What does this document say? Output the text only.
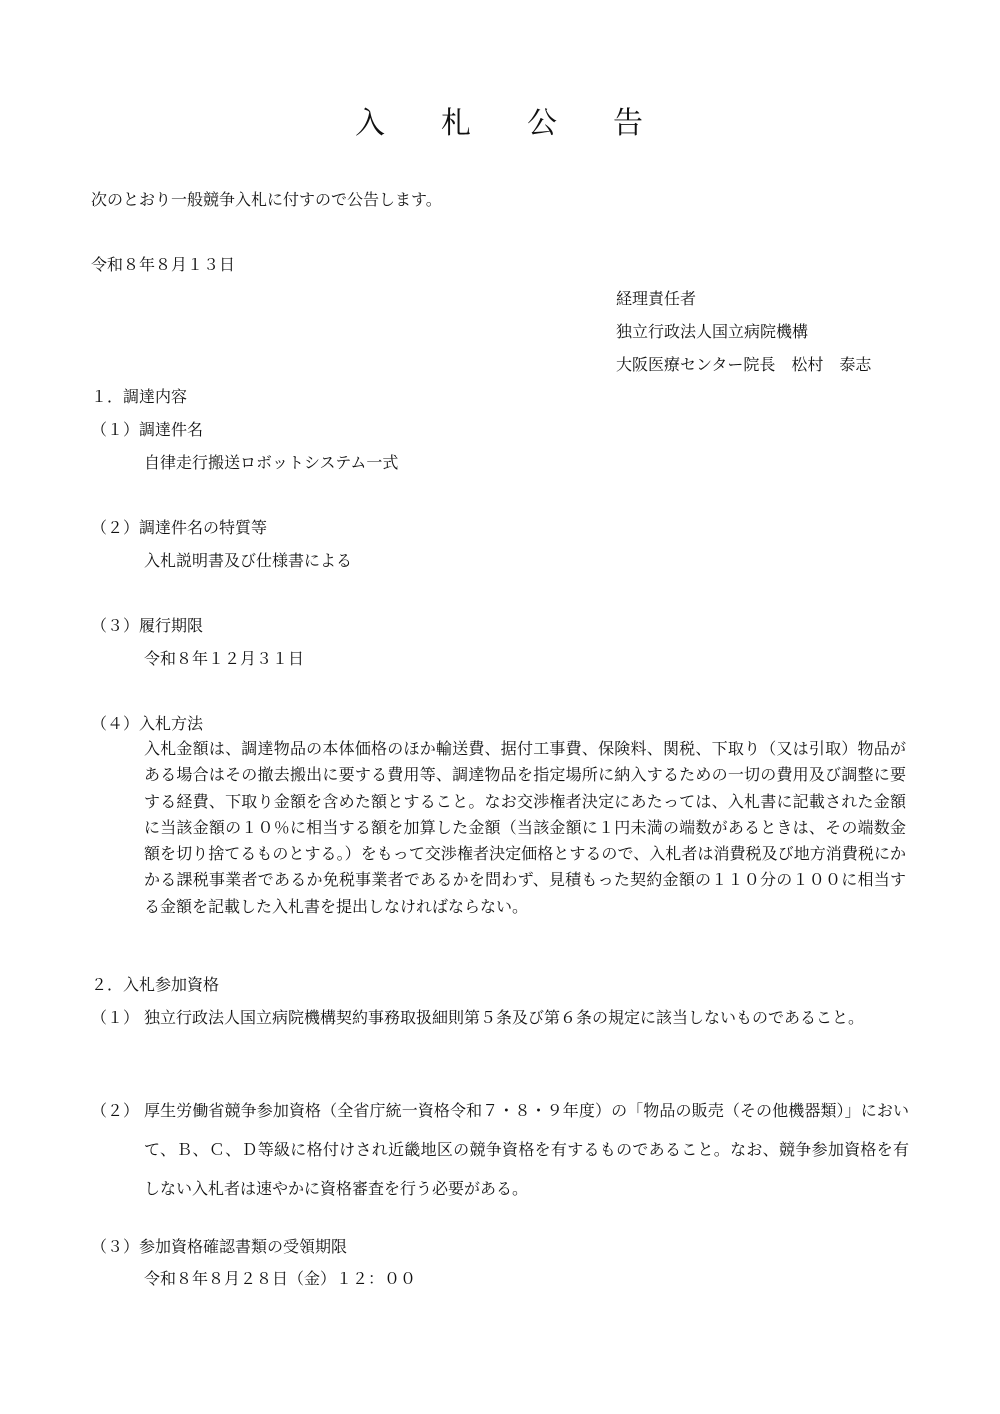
入 札 公 告
次のとおり一般競争入札に付すので公告します。
令和８年８月１３日
経理責任者
独立行政法人国立病院機構
大阪医療センター院長　松村　泰志
１．調達内容
（１）調達件名
自律走行搬送ロボットシステム一式
（２）調達件名の特質等
入札説明書及び仕様書による
（３）履行期限
令和８年１２月３１日
（４）入札方法
入札金額は、調達物品の本体価格のほか輸送費、据付工事費、保険料、関税、下取り（又は引取）物品がある場合はその撤去搬出に要する費用等、調達物品を指定場所に納入するための一切の費用及び調整に要する経費、下取り金額を含めた額とすること。なお交渉権者決定にあたっては、入札書に記載された金額に当該金額の１０％に相当する額を加算した金額（当該金額に１円未満の端数があるときは、その端数金額を切り捨てるものとする。）をもって交渉権者決定価格とするので、入札者は消費税及び地方消費税にかかる課税事業者であるか免税事業者であるかを問わず、見積もった契約金額の１１０分の１００に相当する金額を記載した入札書を提出しなければならない。
２．入札参加資格
（１） 独立行政法人国立病院機構契約事務取扱細則第５条及び第６条の規定に該当しないものであること。
（２） 厚生労働省競争参加資格（全省庁統一資格令和７・８・９年度）の「物品の販売（その他機器類）」において、Ｂ、Ｃ、Ｄ等級に格付けされ近畿地区の競争資格を有するものであること。なお、競争参加資格を有しない入札者は速やかに資格審査を行う必要がある。
（３）参加資格確認書類の受領期限
令和８年８月２８日（金）１２：００
